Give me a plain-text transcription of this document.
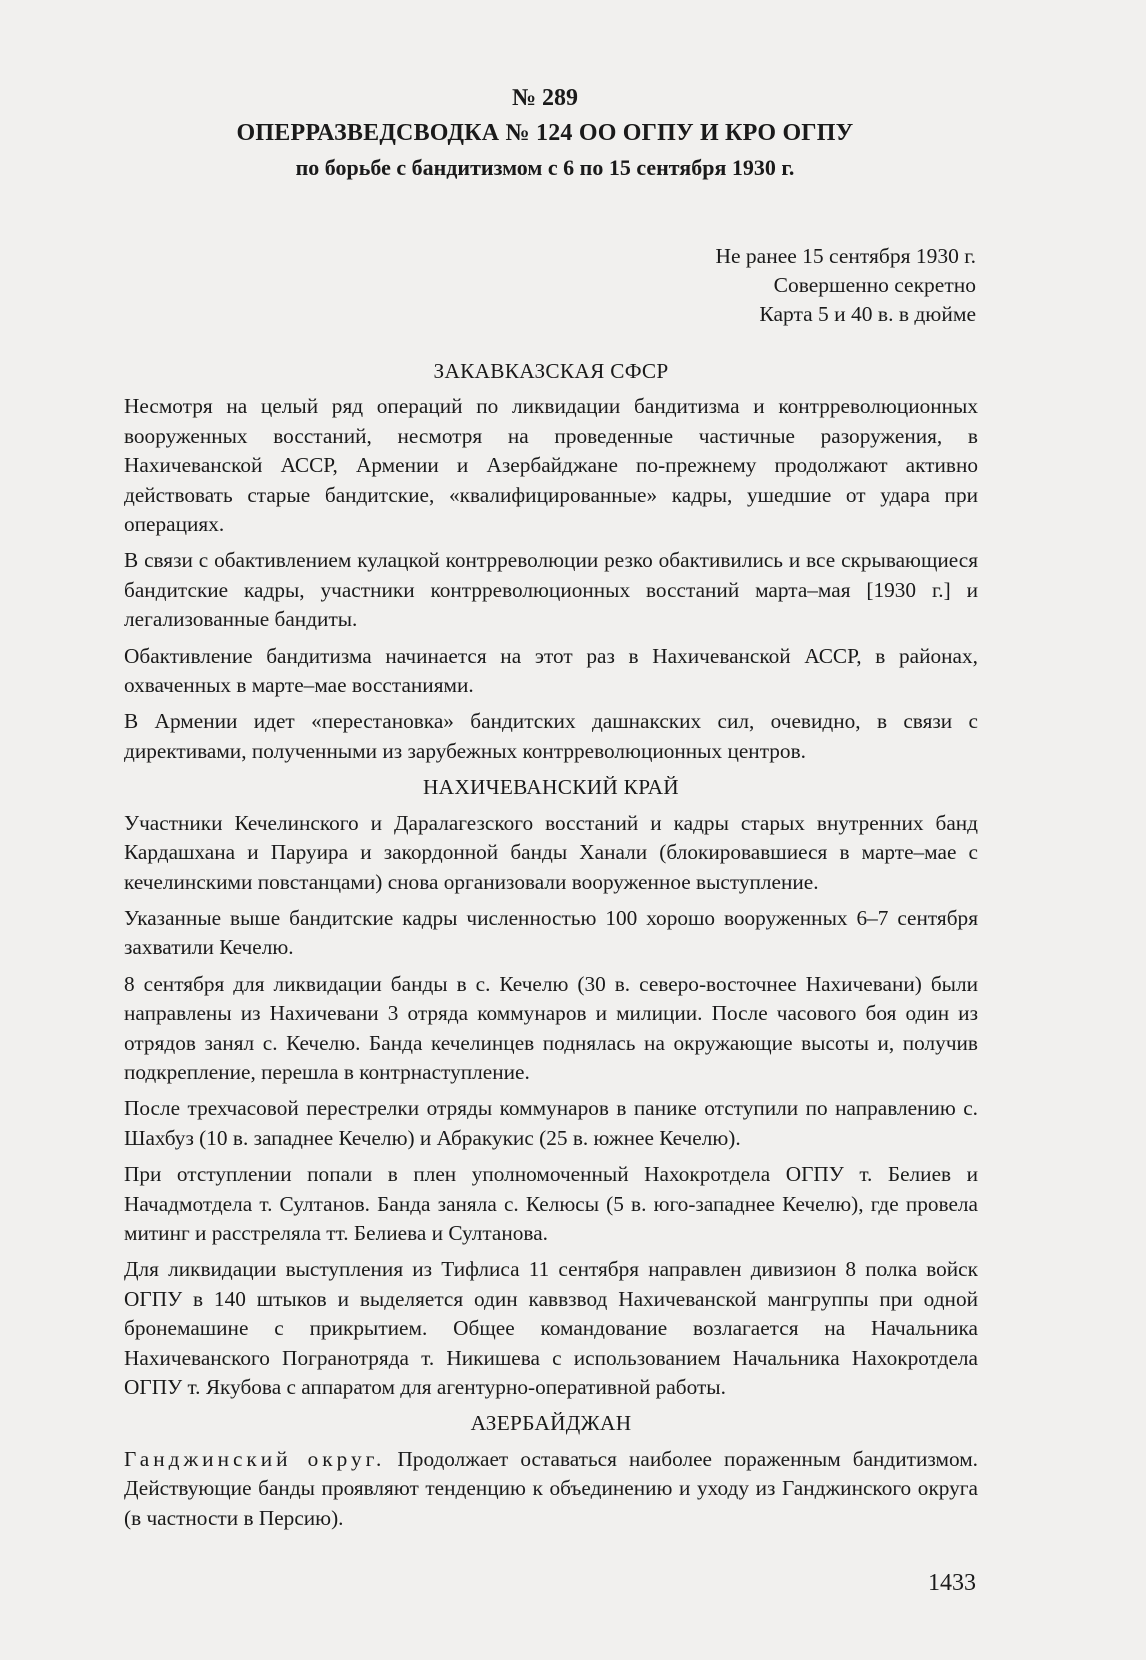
№ 289
ОПЕРРАЗВЕДСВОДКА № 124 ОО ОГПУ И КРО ОГПУ
по борьбе с бандитизмом с 6 по 15 сентября 1930 г.
Не ранее 15 сентября 1930 г.
Совершенно секретно
Карта 5 и 40 в. в дюйме
ЗАКАВКАЗСКАЯ СФСР

Несмотря на целый ряд операций по ликвидации бандитизма и контрреволюционных вооруженных восстаний, несмотря на проведенные частичные разоружения, в Нахичеванской АССР, Армении и Азербайджане по-прежнему продолжают активно действовать старые бандитские, «квалифицированные» кадры, ушедшие от удара при операциях.

В связи с обактивлением кулацкой контрреволюции резко обактивились и все скрывающиеся бандитские кадры, участники контрреволюционных восстаний марта–мая [1930 г.] и легализованные бандиты.

Обактивление бандитизма начинается на этот раз в Нахичеванской АССР, в районах, охваченных в марте–мае восстаниями.

В Армении идет «перестановка» бандитских дашнакских сил, очевидно, в связи с директивами, полученными из зарубежных контрреволюционных центров.

НАХИЧЕВАНСКИЙ КРАЙ

Участники Кечелинского и Даралагезского восстаний и кадры старых внутренних банд Кардашхана и Паруира и закордонной банды Ханали (блокировавшиеся в марте–мае с кечелинскими повстанцами) снова организовали вооруженное выступление.

Указанные выше бандитские кадры численностью 100 хорошо вооруженных 6–7 сентября захватили Кечелю.

8 сентября для ликвидации банды в с. Кечелю (30 в. северо-восточнее Нахичевани) были направлены из Нахичевани 3 отряда коммунаров и милиции. После часового боя один из отрядов занял с. Кечелю. Банда кечелинцев поднялась на окружающие высоты и, получив подкрепление, перешла в контрнаступление.

После трехчасовой перестрелки отряды коммунаров в панике отступили по направлению с. Шахбуз (10 в. западнее Кечелю) и Абракукис (25 в. южнее Кечелю).

При отступлении попали в плен уполномоченный Нахокротдела ОГПУ т. Белиев и Начадмотдела т. Султанов. Банда заняла с. Келюсы (5 в. юго-западнее Кечелю), где провела митинг и расстреляла тт. Белиева и Султанова.

Для ликвидации выступления из Тифлиса 11 сентября направлен дивизион 8 полка войск ОГПУ в 140 штыков и выделяется один каввзвод Нахичеванской мангруппы при одной бронемашине с прикрытием. Общее командование возлагается на Начальника Нахичеванского Погранотряда т. Никишева с использованием Начальника Нахокротдела ОГПУ т. Якубова с аппаратом для агентурно-оперативной работы.

АЗЕРБАЙДЖАН

Ганджинский округ. Продолжает оставаться наиболее пораженным бандитизмом. Действующие банды проявляют тенденцию к объединению и уходу из Ганджинского округа (в частности в Персию).

1433
